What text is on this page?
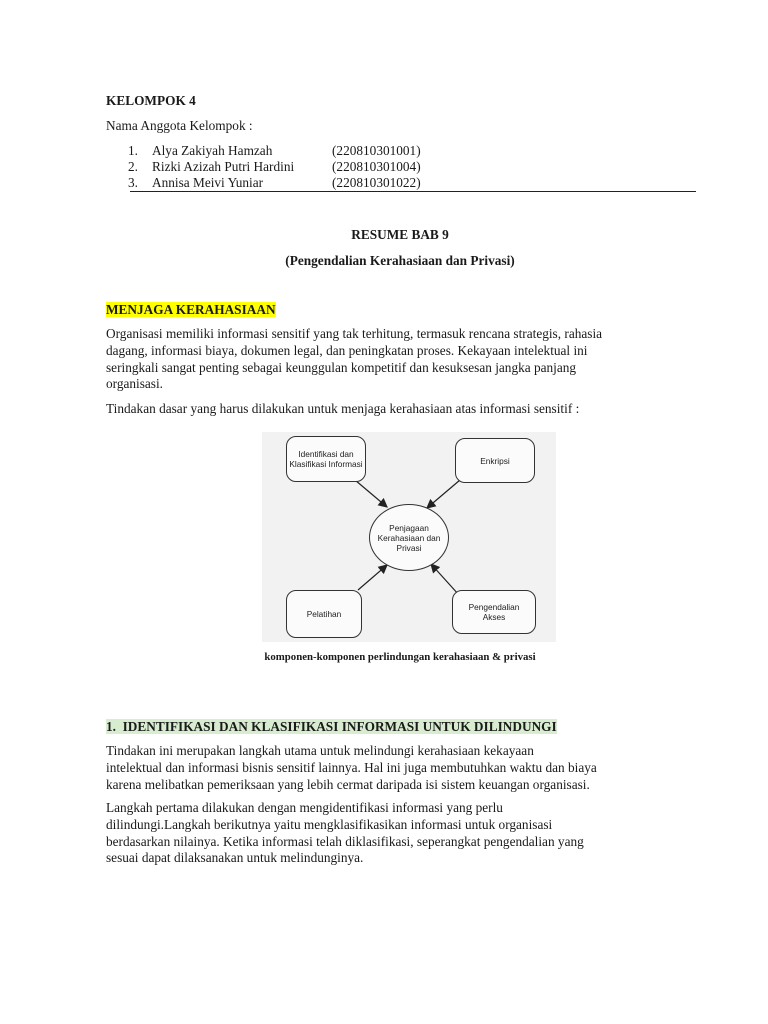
KELOMPOK 4
Nama Anggota Kelompok :
1. Alya Zakiyah Hamzah	(220810301001)
2. Rizki Azizah Putri Hardini	(220810301004)
3. Annisa Meivi Yuniar	(220810301022)
RESUME BAB 9
(Pengendalian Kerahasiaan dan Privasi)
MENJAGA KERAHASIAAN
Organisasi memiliki informasi sensitif yang tak terhitung, termasuk rencana strategis, rahasia
dagang, informasi biaya, dokumen legal, dan peningkatan proses. Kekayaan intelektual ini
seringkali sangat penting sebagai keunggulan kompetitif dan kesuksesan jangka panjang
organisasi.
Tindakan dasar yang harus dilakukan untuk menjaga kerahasiaan atas informasi sensitif :
Identifikasi dan
Klasifikasi Informasi	Enkripsi
Penjagaan
Kerahasiaan dan
Privasi
Pelatihan
Pengendalian
Akses
komponen-komponen perlindungan kerahasiaan & privasi
1.  IDENTIFIKASI DAN KLASIFIKASI INFORMASI UNTUK DILINDUNGI
Tindakan ini merupakan langkah utama untuk melindungi kerahasiaan kekayaan
intelektual dan informasi bisnis sensitif lainnya. Hal ini juga membutuhkan waktu dan biaya
karena melibatkan pemeriksaan yang lebih cermat daripada isi sistem keuangan organisasi.
Langkah pertama dilakukan dengan mengidentifikasi informasi yang perlu
dilindungi.Langkah berikutnya yaitu mengklasifikasikan informasi untuk organisasi
berdasarkan nilainya. Ketika informasi telah diklasifikasi, seperangkat pengendalian yang
sesuai dapat dilaksanakan untuk melindunginya.
